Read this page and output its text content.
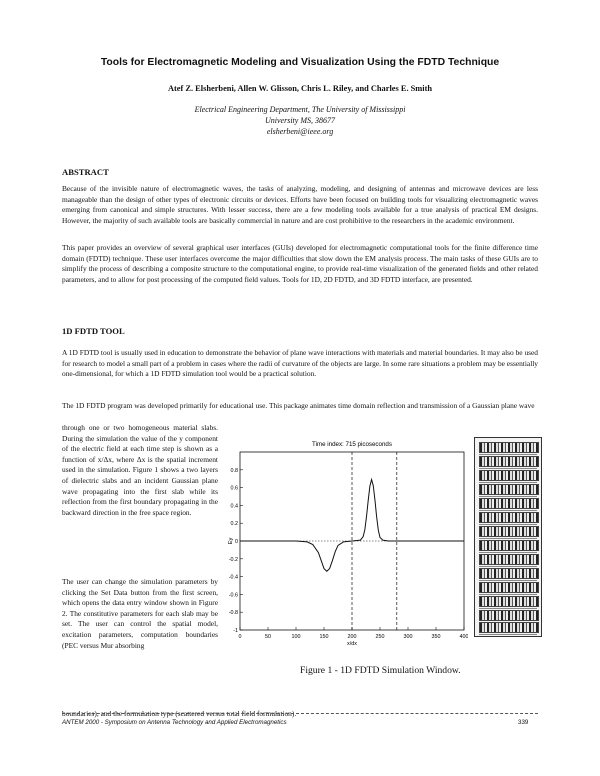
Tools for Electromagnetic Modeling and Visualization Using the FDTD Technique
Atef Z. Elsherbeni, Allen W. Glisson, Chris L. Riley, and Charles E. Smith
Electrical Engineering Department, The University of Mississippi
University MS, 38677
elsherbeni@ieee.org
ABSTRACT

Because of the invisible nature of electromagnetic waves, the tasks of analyzing, modeling, and designing of antennas and microwave devices are less manageable than the design of other types of electronic circuits or devices. Efforts have been focused on building tools for visualizing electromagnetic waves emerging from canonical and simple structures. With lesser success, there are a few modeling tools available for a true analysis of practical EM designs. However, the majority of such available tools are basically commercial in nature and are cost prohibitive to the researchers in the academic environment.

This paper provides an overview of several graphical user interfaces (GUIs) developed for electromagnetic computational tools for the finite difference time domain (FDTD) technique. These user interfaces overcome the major difficulties that slow down the EM analysis process. The main tasks of these GUIs are to simplify the process of describing a composite structure to the computational engine, to provide real-time visualization of the generated fields and other related parameters, and to allow for post processing of the computed field values. Tools for 1D, 2D FDTD, and 3D FDTD interface, are presented.

1D FDTD TOOL

A 1D FDTD tool is usually used in education to demonstrate the behavior of plane wave interactions with materials and material boundaries. It may also be used for research to model a small part of a problem in cases where the radii of curvature of the objects are large. In some rare situations a problem may be essentially one-dimensional, for which a 1D FDTD simulation tool would be a practical solution.

The 1D FDTD program was developed primarily for educational use. This package animates time domain reflection and transmission of a Gaussian plane wave

through one or two homogeneous material slabs. During the simulation the value of the y component of the electric field at each time step is shown as a function of x/Δx, where Δx is the spatial increment used in the simulation. Figure 1 shows a two layers of dielectric slabs and an incident Gaussian plane wave propagating into the first slab while its reflection from the first boundary propagating in the backward direction in the free space region.

The user can change the simulation parameters by clicking the Set Data button from the first screen, which opens the data entry window shown in Figure 2. The constitutive parameters for each slab may be set. The user can control the spatial model, excitation parameters, computation boundaries (PEC versus Mur absorbing

boundaries), and the formulation type (scattered versus total field formulation).
Time index: 715 picoseconds
0	50	100	150	200	250	300	350	400
-1
-0.8
-0.6
-0.4
-0.2
0
0.2
0.4
0.6
0.8
x/dx
Ey
Figure 1 - 1D FDTD Simulation Window.
ANTEM 2000 - Symposium on Antenna Technology and Applied Electromagnetics	339
